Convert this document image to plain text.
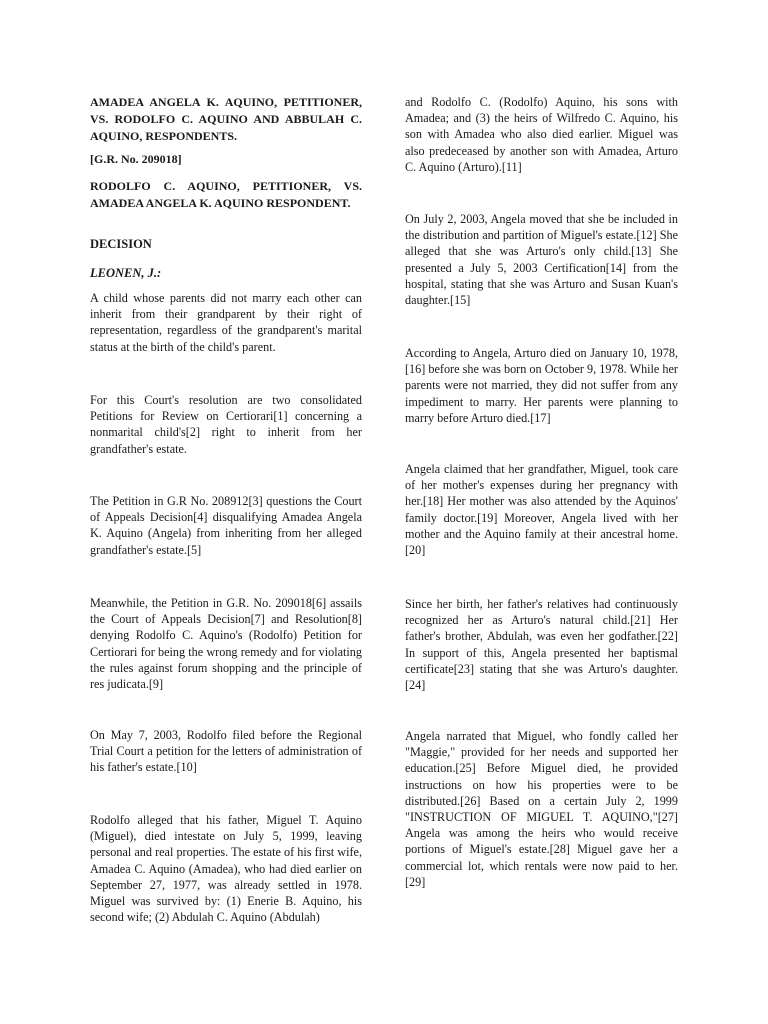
AMADEA ANGELA K. AQUINO, PETITIONER, VS. RODOLFO C. AQUINO AND ABBULAH C. AQUINO, RESPONDENTS.

[G.R. No. 209018]

RODOLFO C. AQUINO, PETITIONER, VS. AMADEA ANGELA K. AQUINO RESPONDENT.

DECISION

LEONEN, J.:

A child whose parents did not marry each other can inherit from their grandparent by their right of representation, regardless of the grandparent's marital status at the birth of the child's parent.

For this Court's resolution are two consolidated Petitions for Review on Certiorari[1] concerning a nonmarital child's[2] right to inherit from her grandfather's estate.

The Petition in G.R No. 208912[3] questions the Court of Appeals Decision[4] disqualifying Amadea Angela K. Aquino (Angela) from inheriting from her alleged grandfather's estate.[5]

Meanwhile, the Petition in G.R. No. 209018[6] assails the Court of Appeals Decision[7] and Resolution[8] denying Rodolfo C. Aquino's (Rodolfo) Petition for Certiorari for being the wrong remedy and for violating the rules against forum shopping and the principle of res judicata.[9]

On May 7, 2003, Rodolfo filed before the Regional Trial Court a petition for the letters of administration of his father's estate.[10]

Rodolfo alleged that his father, Miguel T. Aquino (Miguel), died intestate on July 5, 1999, leaving personal and real properties. The estate of his first wife, Amadea C. Aquino (Amadea), who had died earlier on September 27, 1977, was already settled in 1978. Miguel was survived by: (1) Enerie B. Aquino, his second wife; (2) Abdulah C. Aquino (Abdulah)

and Rodolfo C. (Rodolfo) Aquino, his sons with Amadea; and (3) the heirs of Wilfredo C. Aquino, his son with Amadea who also died earlier. Miguel was also predeceased by another son with Amadea, Arturo C. Aquino (Arturo).[11]

On July 2, 2003, Angela moved that she be included in the distribution and partition of Miguel's estate.[12] She alleged that she was Arturo's only child.[13] She presented a July 5, 2003 Certification[14] from the hospital, stating that she was Arturo and Susan Kuan's daughter.[15]

According to Angela, Arturo died on January 10, 1978,[16] before she was born on October 9, 1978. While her parents were not married, they did not suffer from any impediment to marry. Her parents were planning to marry before Arturo died.[17]

Angela claimed that her grandfather, Miguel, took care of her mother's expenses during her pregnancy with her.[18] Her mother was also attended by the Aquinos' family doctor.[19] Moreover, Angela lived with her mother and the Aquino family at their ancestral home.[20]

Since her birth, her father's relatives had continuously recognized her as Arturo's natural child.[21] Her father's brother, Abdulah, was even her godfather.[22] In support of this, Angela presented her baptismal certificate[23] stating that she was Arturo's daughter.[24]

Angela narrated that Miguel, who fondly called her "Maggie," provided for her needs and supported her education.[25] Before Miguel died, he provided instructions on how his properties were to be distributed.[26] Based on a certain July 2, 1999 "INSTRUCTION OF MIGUEL T. AQUINO,"[27] Angela was among the heirs who would receive portions of Miguel's estate.[28] Miguel gave her a commercial lot, which rentals were now paid to her.[29]
